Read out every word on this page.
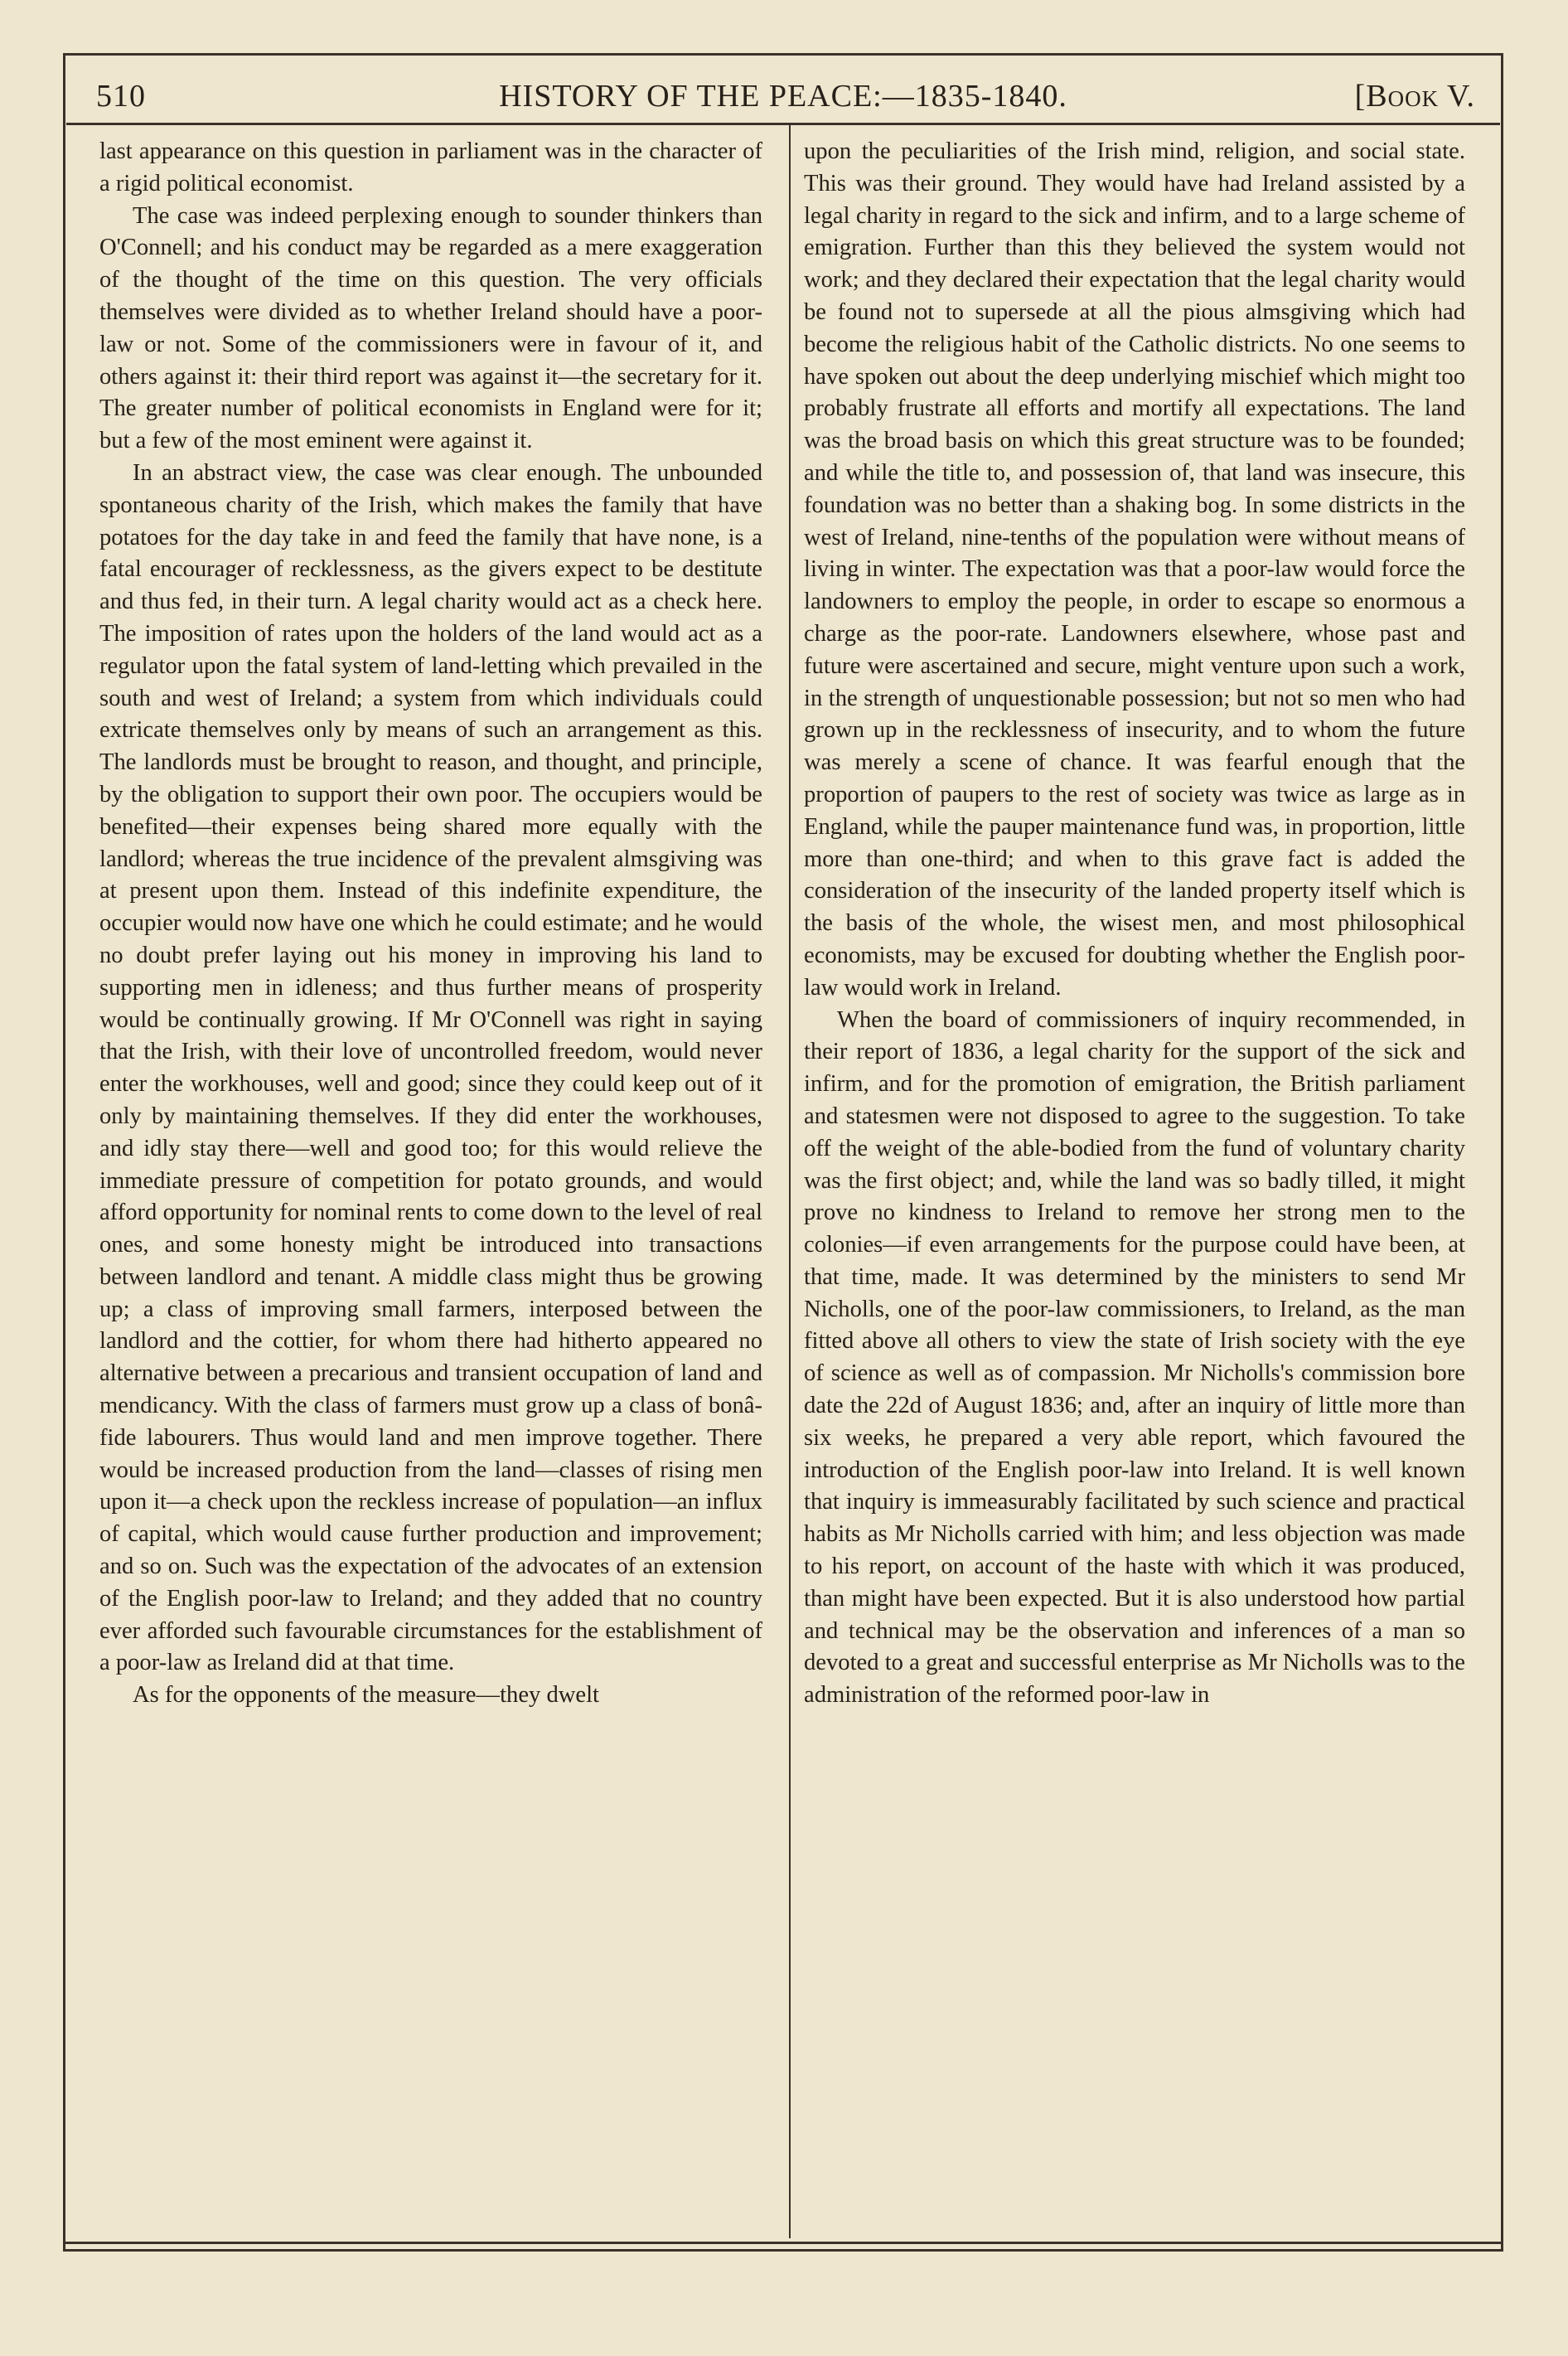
510	HISTORY OF THE PEACE:—1835-1840.	[Book V.

last appearance on this question in parliament was in the character of a rigid political economist.

The case was indeed perplexing enough to sounder thinkers than O'Connell; and his conduct may be regarded as a mere exaggeration of the thought of the time on this question. The very officials themselves were divided as to whether Ireland should have a poor-law or not. Some of the commissioners were in favour of it, and others against it: their third report was against it—the secretary for it. The greater number of political economists in England were for it; but a few of the most eminent were against it.

In an abstract view, the case was clear enough. The unbounded spontaneous charity of the Irish, which makes the family that have potatoes for the day take in and feed the family that have none, is a fatal encourager of recklessness, as the givers expect to be destitute and thus fed, in their turn. A legal charity would act as a check here. The imposition of rates upon the holders of the land would act as a regulator upon the fatal system of land-letting which prevailed in the south and west of Ireland; a system from which individuals could extricate themselves only by means of such an arrangement as this. The landlords must be brought to reason, and thought, and principle, by the obligation to support their own poor. The occupiers would be benefited—their expenses being shared more equally with the landlord; whereas the true incidence of the prevalent almsgiving was at present upon them. Instead of this indefinite expenditure, the occupier would now have one which he could estimate; and he would no doubt prefer laying out his money in improving his land to supporting men in idleness; and thus further means of prosperity would be continually growing. If Mr O'Connell was right in saying that the Irish, with their love of uncontrolled freedom, would never enter the workhouses, well and good; since they could keep out of it only by maintaining themselves. If they did enter the workhouses, and idly stay there—well and good too; for this would relieve the immediate pressure of competition for potato grounds, and would afford opportunity for nominal rents to come down to the level of real ones, and some honesty might be introduced into transactions between landlord and tenant. A middle class might thus be growing up; a class of improving small farmers, interposed between the landlord and the cottier, for whom there had hitherto appeared no alternative between a precarious and transient occupation of land and mendicancy. With the class of farmers must grow up a class of bonâ-fide labourers. Thus would land and men improve together. There would be increased production from the land—classes of rising men upon it—a check upon the reckless increase of population—an influx of capital, which would cause further production and improvement; and so on. Such was the expectation of the advocates of an extension of the English poor-law to Ireland; and they added that no country ever afforded such favourable circumstances for the establishment of a poor-law as Ireland did at that time.

As for the opponents of the measure—they dwelt

upon the peculiarities of the Irish mind, religion, and social state. This was their ground. They would have had Ireland assisted by a legal charity in regard to the sick and infirm, and to a large scheme of emigration. Further than this they believed the system would not work; and they declared their expectation that the legal charity would be found not to supersede at all the pious almsgiving which had become the religious habit of the Catholic districts. No one seems to have spoken out about the deep underlying mischief which might too probably frustrate all efforts and mortify all expectations. The land was the broad basis on which this great structure was to be founded; and while the title to, and possession of, that land was insecure, this foundation was no better than a shaking bog. In some districts in the west of Ireland, nine-tenths of the population were without means of living in winter. The expectation was that a poor-law would force the landowners to employ the people, in order to escape so enormous a charge as the poor-rate. Landowners elsewhere, whose past and future were ascertained and secure, might venture upon such a work, in the strength of unquestionable possession; but not so men who had grown up in the recklessness of insecurity, and to whom the future was merely a scene of chance. It was fearful enough that the proportion of paupers to the rest of society was twice as large as in England, while the pauper maintenance fund was, in proportion, little more than one-third; and when to this grave fact is added the consideration of the insecurity of the landed property itself which is the basis of the whole, the wisest men, and most philosophical economists, may be excused for doubting whether the English poor-law would work in Ireland.

When the board of commissioners of inquiry recommended, in their report of 1836, a legal charity for the support of the sick and infirm, and for the promotion of emigration, the British parliament and statesmen were not disposed to agree to the suggestion. To take off the weight of the able-bodied from the fund of voluntary charity was the first object; and, while the land was so badly tilled, it might prove no kindness to Ireland to remove her strong men to the colonies—if even arrangements for the purpose could have been, at that time, made. It was determined by the ministers to send Mr Nicholls, one of the poor-law commissioners, to Ireland, as the man fitted above all others to view the state of Irish society with the eye of science as well as of compassion. Mr Nicholls's commission bore date the 22d of August 1836; and, after an inquiry of little more than six weeks, he prepared a very able report, which favoured the introduction of the English poor-law into Ireland. It is well known that inquiry is immeasurably facilitated by such science and practical habits as Mr Nicholls carried with him; and less objection was made to his report, on account of the haste with which it was produced, than might have been expected. But it is also understood how partial and technical may be the observation and inferences of a man so devoted to a great and successful enterprise as Mr Nicholls was to the administration of the reformed poor-law in
